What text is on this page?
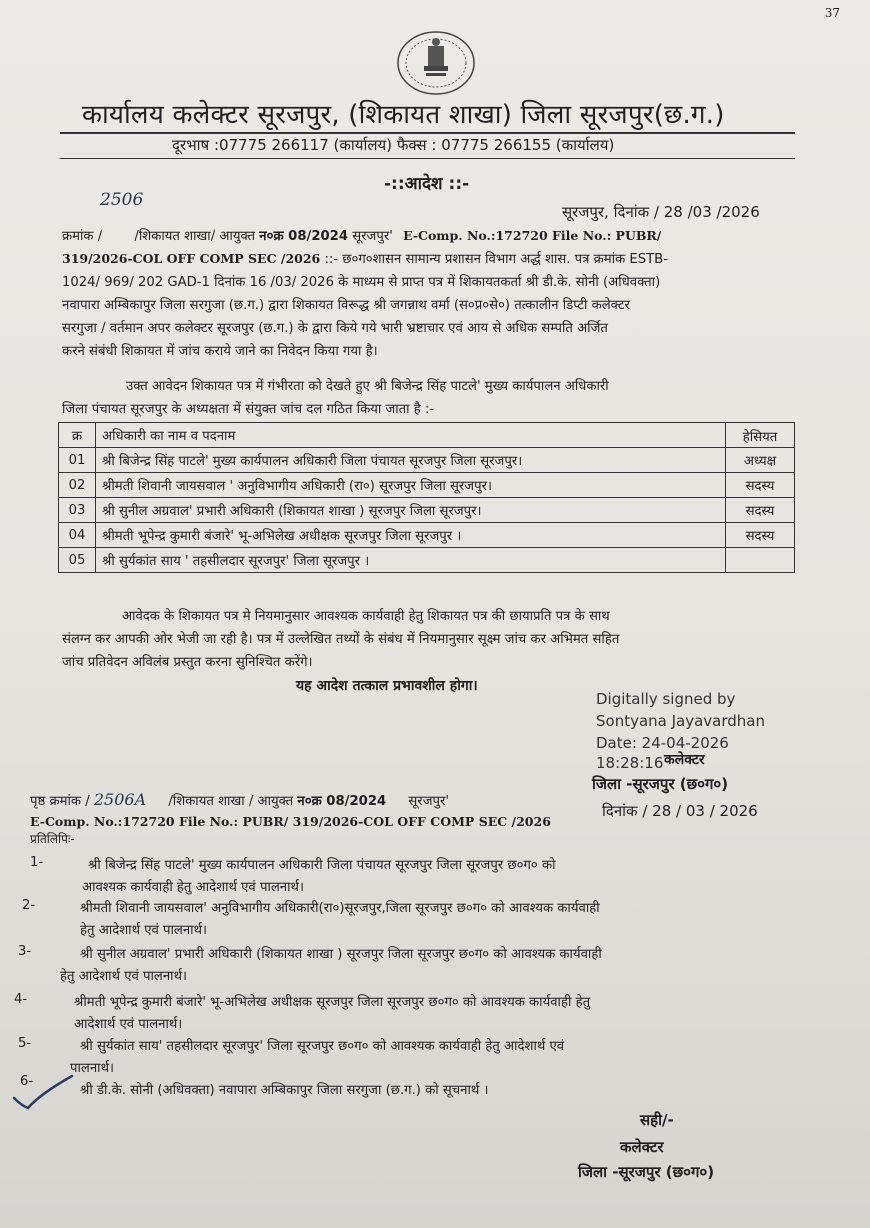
37
कार्यालय कलेक्टर सूरजपुर, (शिकायत शाखा) जिला सूरजपुर(छ.ग.)
दूरभाष :07775 266117 (कार्यालय) फैक्स : 07775 266155 (कार्यालय)
-::आदेश ::-
2506
सूरजपुर, दिनांक / 28 /03 /2026
क्रमांक / /शिकायत शाखा/ आयुक्त न०क्र 08/2024 सूरजपुर' E-Comp. No.:172720 File No.: PUBR/
319/2026-COL OFF COMP SEC /2026 ::- छ०ग०शासन सामान्य प्रशासन विभाग अर्द्ध शास. पत्र क्रमांक ESTB-
1024/ 969/ 202 GAD-1 दिनांक 16 /03/ 2026 के माध्यम से प्राप्त पत्र में शिकायतकर्ता श्री डी.के. सोनी (अधिवक्ता)
नवापारा अम्बिकापुर जिला सरगुजा (छ.ग.) द्वारा शिकायत विरूद्ध श्री जगन्नाथ वर्मा (स०प्र०से०) तत्कालीन डिप्टी कलेक्टर
सरगुजा / वर्तमान अपर कलेक्टर सूरजपुर (छ.ग.) के द्वारा किये गये भारी भ्रष्टाचार एवं आय से अधिक सम्पति अर्जित
करने संबंधी शिकायत में जांच कराये जाने का निवेदन किया गया है।
उक्त आवेदन शिकायत पत्र में गंभीरता को देखते हुए श्री बिजेन्द्र सिंह पाटले' मुख्य कार्यपालन अधिकारी
जिला पंचायत सूरजपुर के अध्यक्षता में संयुक्त जांच दल गठित किया जाता है :-
क्र	अधिकारी का नाम व पदनाम	हेसियत
01	श्री बिजेन्द्र सिंह पाटले' मुख्य कार्यपालन अधिकारी जिला पंचायत सूरजपुर जिला सूरजपुर।	अध्यक्ष
02	श्रीमती शिवानी जायसवाल ' अनुविभागीय अधिकारी (रा०) सूरजपुर जिला सूरजपुर।	सदस्य
03	श्री सुनील अग्रवाल' प्रभारी अधिकारी (शिकायत शाखा ) सूरजपुर जिला सूरजपुर।	सदस्य
04	श्रीमती भूपेन्द्र कुमारी बंजारे' भू-अभिलेख अधीक्षक सूरजपुर जिला सूरजपुर ।	सदस्य
05	श्री सुर्यकांत साय ' तहसीलदार सूरजपुर' जिला सूरजपुर ।	
आवेदक के शिकायत पत्र मे नियमानुसार आवश्यक कार्यवाही हेतु शिकायत पत्र की छायाप्रति पत्र के साथ
संलग्न कर आपकी ओर भेजी जा रही है। पत्र में उल्लेखित तथ्यों के संबंध में नियमानुसार सूक्ष्म जांच कर अभिमत सहित
जांच प्रतिवेदन अविलंब प्रस्तुत करना सुनिश्चित करेंगे।
यह आदेश तत्काल प्रभावशील होगा।
Digitally signed by
Sontyana Jayavardhan
Date: 24-04-2026
18:28:16 कलेक्टर
जिला -सूरजपुर (छ०ग०)
पृष्ठ क्रमांक / 2506A /शिकायत शाखा / आयुक्त न०क्र 08/2024 सूरजपुर'
दिनांक / 28 / 03 / 2026
E-Comp. No.:172720 File No.: PUBR/ 319/2026-COL OFF COMP SEC /2026
प्रतिलिपिः-
1-	श्री बिजेन्द्र सिंह पाटले' मुख्य कार्यपालन अधिकारी जिला पंचायत सूरजपुर जिला सूरजपुर छ०ग० को
आवश्यक कार्यवाही हेतु आदेशार्थ एवं पालनार्थ।
2-	श्रीमती शिवानी जायसवाल' अनुविभागीय अधिकारी(रा०)सूरजपुर,जिला सूरजपुर छ०ग० को आवश्यक कार्यवाही
हेतु आदेशार्थ एवं पालनार्थ।
3-	श्री सुनील अग्रवाल' प्रभारी अधिकारी (शिकायत शाखा ) सूरजपुर जिला सूरजपुर छ०ग० को आवश्यक कार्यवाही
हेतु आदेशार्थ एवं पालनार्थ।
4-	श्रीमती भूपेन्द्र कुमारी बंजारे' भू-अभिलेख अधीक्षक सूरजपुर जिला सूरजपुर छ०ग० को आवश्यक कार्यवाही हेतु
आदेशार्थ एवं पालनार्थ।
5-	श्री सुर्यकांत साय' तहसीलदार सूरजपुर' जिला सूरजपुर छ०ग० को आवश्यक कार्यवाही हेतु आदेशार्थ एवं
पालनार्थ।
6-
श्री डी.के. सोनी (अधिवक्ता) नवापारा अम्बिकापुर जिला सरगुजा (छ.ग.) को सूचनार्थ ।
सही/-
कलेक्टर
जिला -सूरजपुर (छ०ग०)
